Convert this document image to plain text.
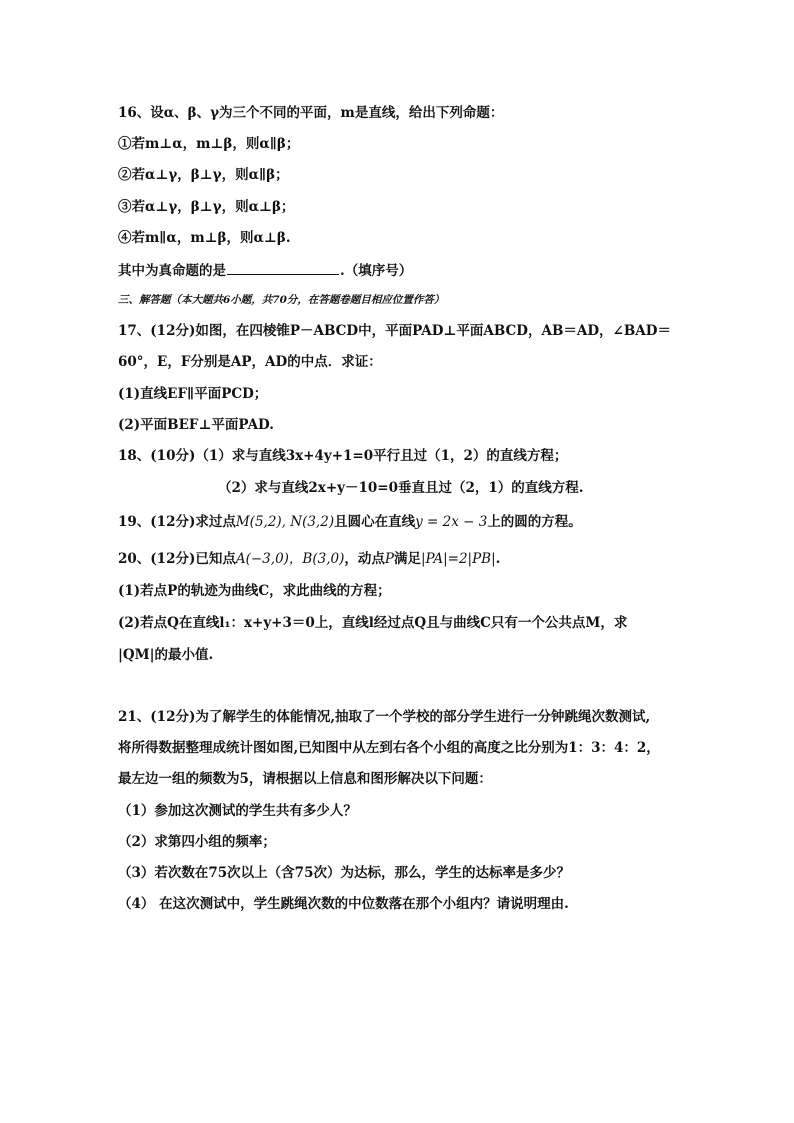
16、设α、β、γ为三个不同的平面，m是直线，给出下列命题：
①若m⊥α，m⊥β，则α∥β；
②若α⊥γ，β⊥γ，则α∥β；
③若α⊥γ，β⊥γ，则α⊥β；
④若m∥α，m⊥β，则α⊥β.
其中为真命题的是	.（填序号）
三、解答题（本大题共6小题，共70分，在答题卷题目相应位置作答）
17、(12分)如图，在四棱锥P－ABCD中，平面PAD⊥平面ABCD，AB＝AD，∠BAD＝
60°，E，F分别是AP，AD的中点．求证：
(1)直线EF∥平面PCD；
(2)平面BEF⊥平面PAD.
18、(10分)（1）求与直线3x+4y+1=0平行且过（1，2）的直线方程；
（2）求与直线2x+y－10=0垂直且过（2，1）的直线方程.
19、(12分)求过点M(5,2), N(3,2)且圆心在直线y = 2x − 3上的圆的方程。
20、(12分)已知点A(−3,0)，B(3,0)，动点P满足|PA|=2|PB|.
(1)若点P的轨迹为曲线C，求此曲线的方程；
(2)若点Q在直线l₁：x+y+3＝0上，直线l经过点Q且与曲线C只有一个公共点M，求
|QM|的最小值.
21、(12分)为了解学生的体能情况,抽取了一个学校的部分学生进行一分钟跳绳次数测试,
将所得数据整理成统计图如图,已知图中从左到右各个小组的高度之比分别为1：3：4：2，
最左边一组的频数为5，请根据以上信息和图形解决以下问题：
（1）参加这次测试的学生共有多少人？
（2）求第四小组的频率；
（3）若次数在75次以上（含75次）为达标，那么，学生的达标率是多少？
（4） 在这次测试中，学生跳绳次数的中位数落在那个小组内？请说明理由.
